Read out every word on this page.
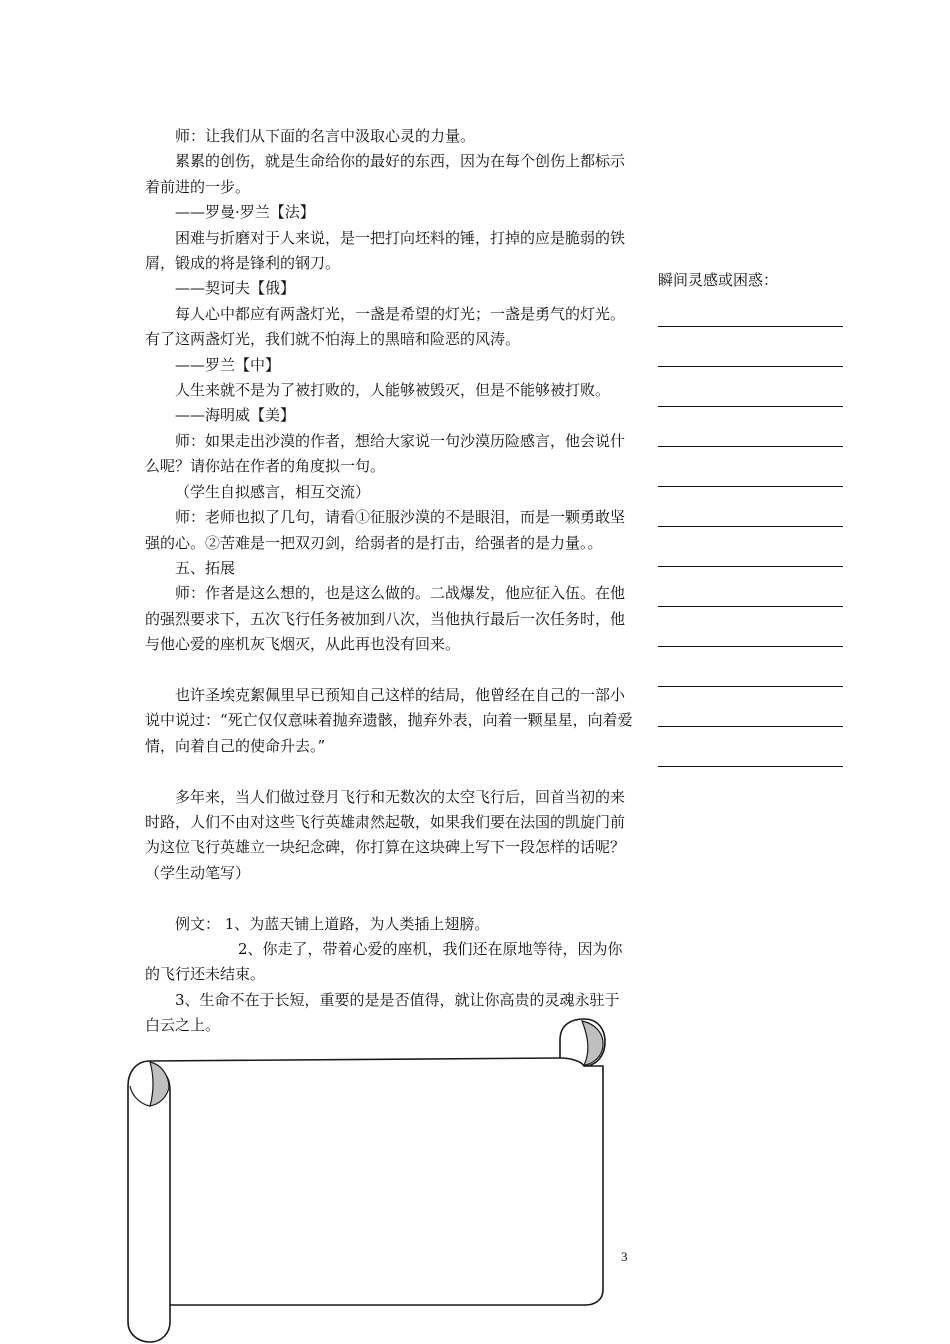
师：让我们从下面的名言中汲取心灵的力量。

累累的创伤，就是生命给你的最好的东西，因为在每个创伤上都标示着前进的一步。

——罗曼·罗兰【法】

困难与折磨对于人来说，是一把打向坯料的锤，打掉的应是脆弱的铁屑，锻成的将是锋利的钢刀。

——契诃夫【俄】

每人心中都应有两盏灯光，一盏是希望的灯光；一盏是勇气的灯光。有了这两盏灯光，我们就不怕海上的黑暗和险恶的风涛。

——罗兰【中】

人生来就不是为了被打败的，人能够被毁灭，但是不能够被打败。

——海明威【美】

师：如果走出沙漠的作者，想给大家说一句沙漠历险感言，他会说什么呢？请你站在作者的角度拟一句。

（学生自拟感言，相互交流）

师：老师也拟了几句，请看①征服沙漠的不是眼泪，而是一颗勇敢坚强的心。②苦难是一把双刃剑，给弱者的是打击，给强者的是力量。。

五、拓展

师：作者是这么想的，也是这么做的。二战爆发，他应征入伍。在他的强烈要求下，五次飞行任务被加到八次，当他执行最后一次任务时，他与他心爱的座机灰飞烟灭，从此再也没有回来。

也许圣埃克絮佩里早已预知自己这样的结局，他曾经在自己的一部小说中说过：“死亡仅仅意味着抛弃遗骸，抛弃外表，向着一颗星星，向着爱情，向着自己的使命升去。”

多年来，当人们做过登月飞行和无数次的太空飞行后，回首当初的来时路，人们不由对这些飞行英雄肃然起敬，如果我们要在法国的凯旋门前为这位飞行英雄立一块纪念碑，你打算在这块碑上写下一段怎样的话呢？（学生动笔写）

例文： 1、为蓝天铺上道路，为人类插上翅膀。

2、你走了，带着心爱的座机，我们还在原地等待，因为你的飞行还未结束。

3、生命不在于长短，重要的是是否值得，就让你高贵的灵魂永驻于白云之上。

瞬间灵感或困惑：

3
